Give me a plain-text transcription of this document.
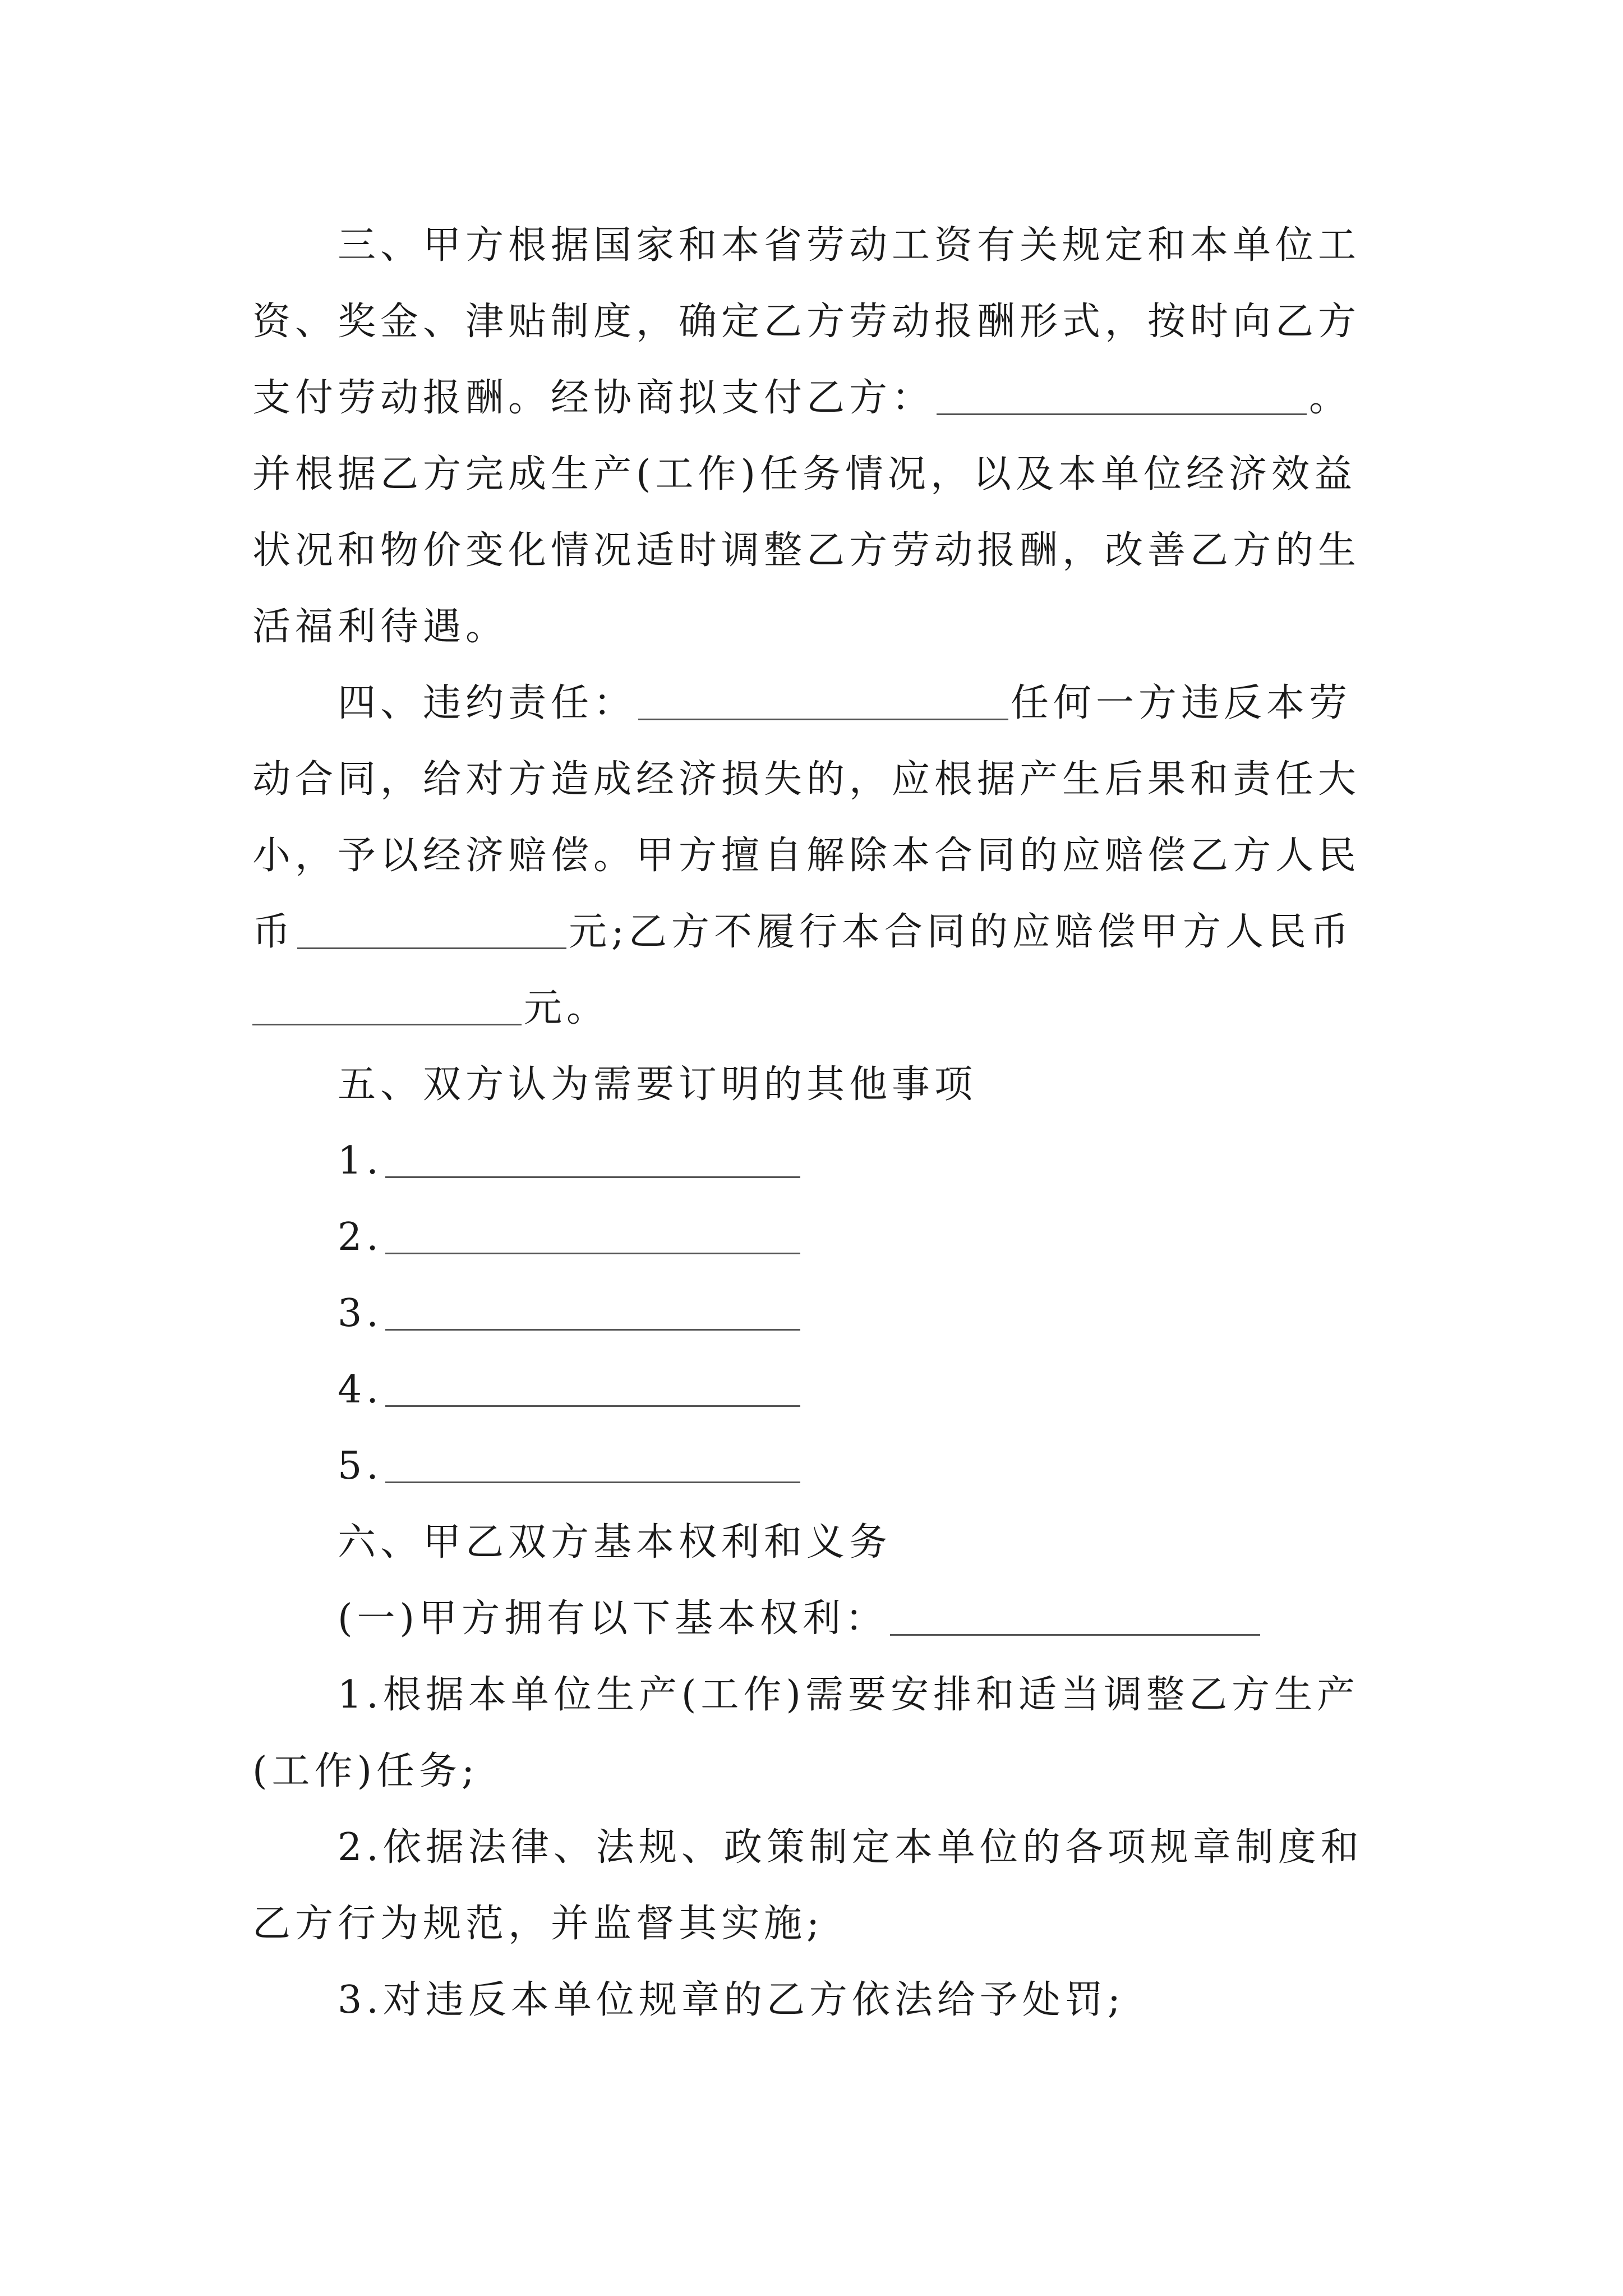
三、甲方根据国家和本省劳动工资有关规定和本单位工
资、奖金、津贴制度，确定乙方劳动报酬形式，按时向乙方
支付劳动报酬。经协商拟支付乙方：	。
并根据乙方完成生产(工作)任务情况，以及本单位经济效益
状况和物价变化情况适时调整乙方劳动报酬，改善乙方的生
活福利待遇。
四、违约责任：	任何一方违反本劳
动合同，给对方造成经济损失的，应根据产生后果和责任大
小，予以经济赔偿。甲方擅自解除本合同的应赔偿乙方人民
币	元;乙方不履行本合同的应赔偿甲方人民币
元。
五、双方认为需要订明的其他事项
1.
2.
3.
4.
5.
六、甲乙双方基本权利和义务
(一)甲方拥有以下基本权利：
1.根据本单位生产(工作)需要安排和适当调整乙方生产
(工作)任务;
2.依据法律、法规、政策制定本单位的各项规章制度和
乙方行为规范，并监督其实施;
3.对违反本单位规章的乙方依法给予处罚;
